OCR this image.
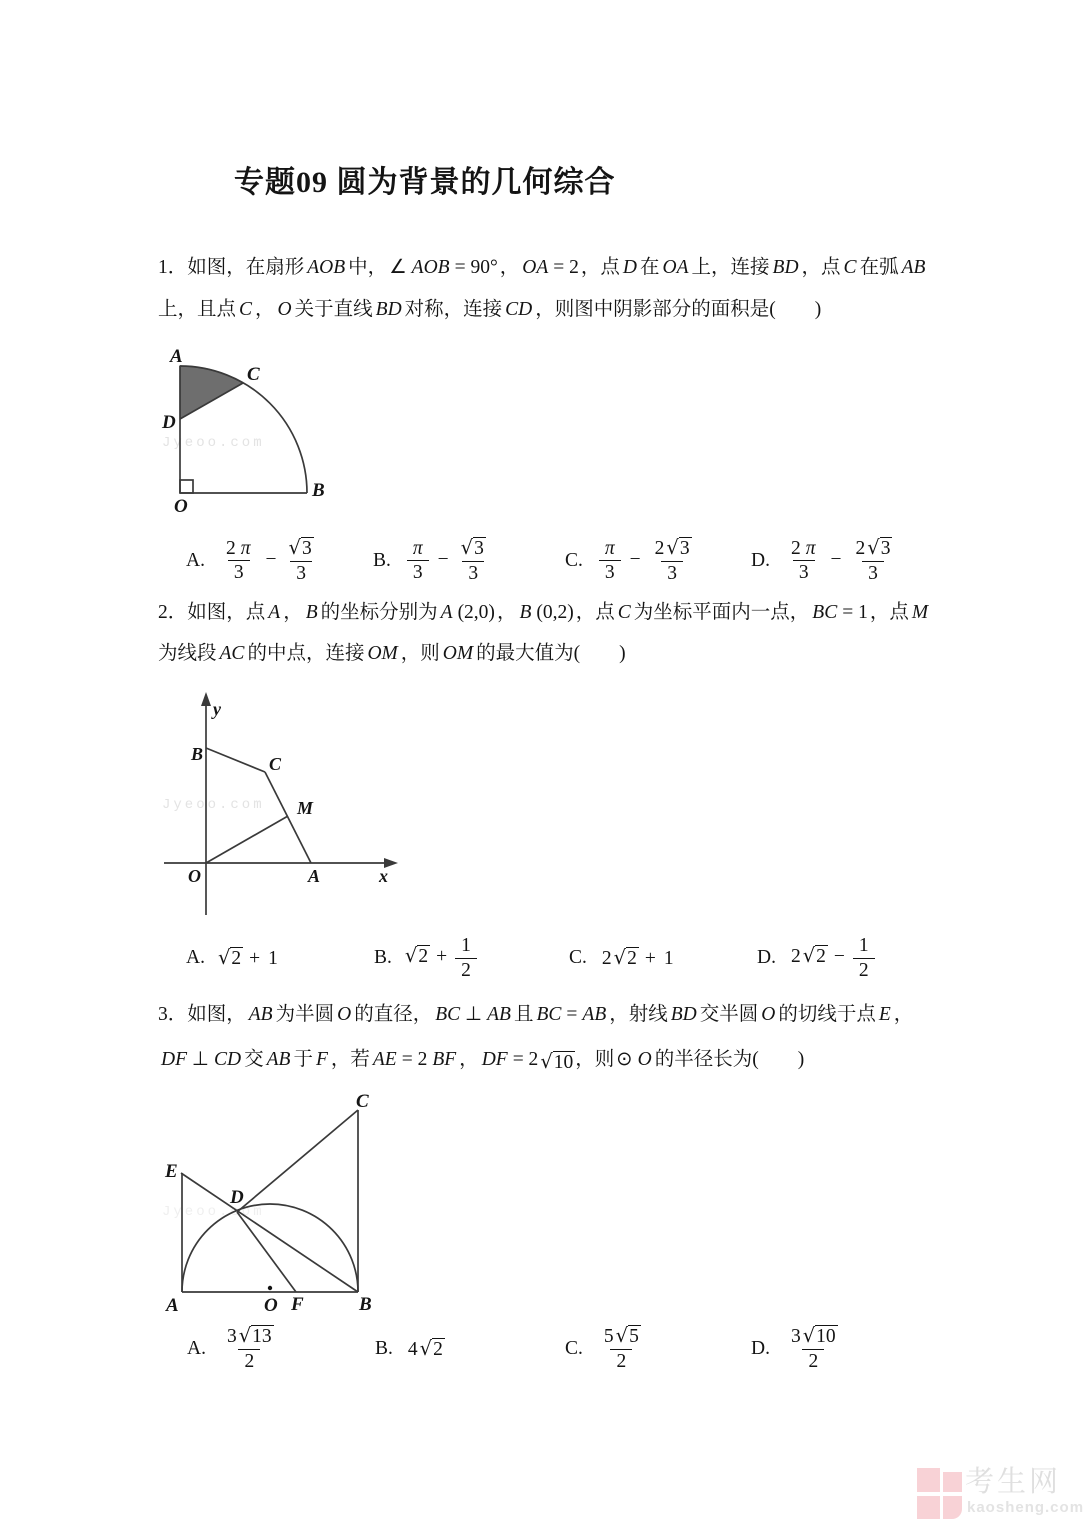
专题09 圆为背景的几何综合
1．如图，在扇形 AOB 中， ∠ AOB = 90° ， OA = 2 ，点 D 在 OA 上，连接 BD ，点 C 在弧 AB
上，且点 C ， O 关于直线 BD 对称，连接 CD ，则图中阴影部分的面积是(　　)
Jyeoo.com
A
C
D
O
B
A. $\frac{2 \pi}{3} - \frac{√ 3}{3}$	B. $\frac{\pi}{3} - \frac{√ 3}{3}$	C. $\frac{\pi}{3} - \frac{2 √ 3}{3}$	D. $\frac{2 \pi}{3} - \frac{2 √ 3}{3}$
2．如图，点 A ， B 的坐标分别为 A (2,0) ， B (0,2) ，点 C 为坐标平面内一点， BC = 1 ，点 M
为线段 AC 的中点，连接 OM ，则 OM 的最大值为(　　)
Jyeoo.com
y
x
B	C
M
O	A
A. √ 2 + 1	B. √ $2 + \frac{1}{2}$	C. 2 √ 2 + 1	D. 2 √ $2 - \frac{1}{2}$
3．如图， AB 为半圆 O 的直径， BC ⊥ AB 且 BC = AB ，射线 BD 交半圆 O 的切线于点 E ，
DF ⊥ CD 交 AB 于 F ，若 AE = 2 BF ， DF = 2 √ 10 ，则 ⊙ O 的半径长为(　　)
Jyeoo.com
E
D
C
A	O F	B
A. $\frac{3 √ 13}{2}$	B. 4 √ 2	C. $\frac{5 √ 5}{2}$	D. $\frac{3 √ 10}{2}$
考生网
kaosheng.com
